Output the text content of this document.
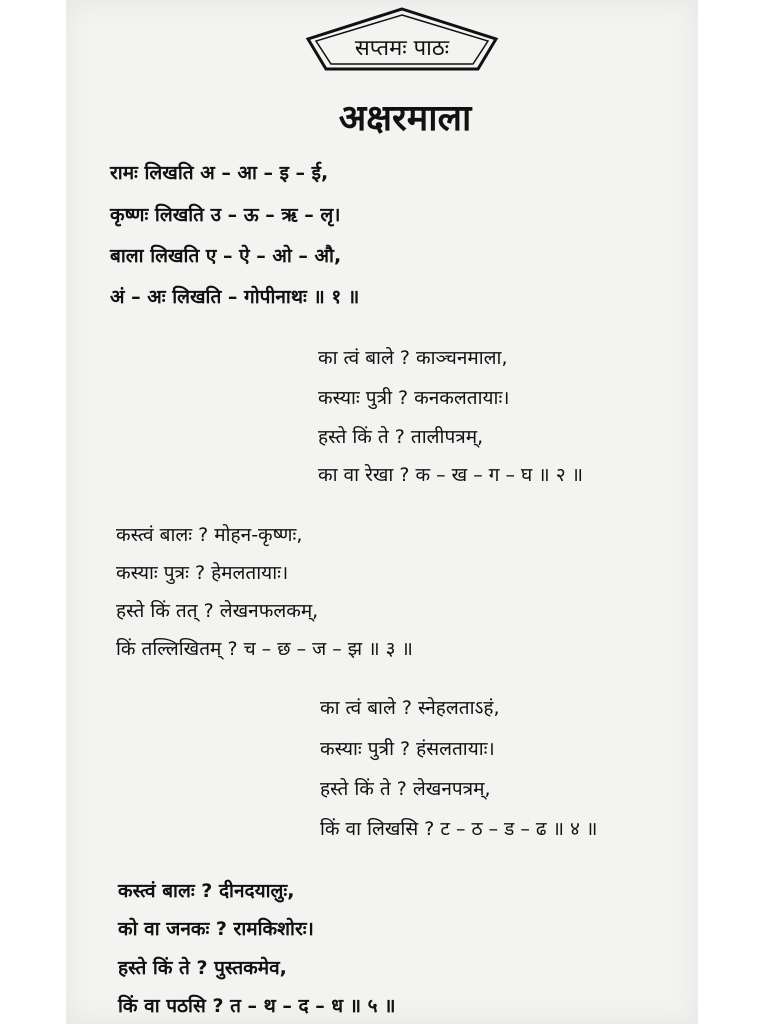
सप्तमः पाठः
अक्षरमाला
रामः लिखति अ – आ – इ – ई,
कृष्णः लिखति उ – ऊ – ऋ – लृ।
बाला लिखति ए – ऐ – ओ – औ,
अं – अः लिखति – गोपीनाथः ॥ १ ॥
का त्वं बाले ? काञ्चनमाला,
कस्याः पुत्री ? कनकलतायाः।
हस्ते किं ते ? तालीपत्रम्,
का वा रेखा ? क – ख – ग – घ ॥ २ ॥
कस्त्वं बालः ? मोहन-कृष्णः,
कस्याः पुत्रः ? हेमलतायाः।
हस्ते किं तत् ? लेखनफलकम्,
किं तल्लिखितम् ? च – छ – ज – झ ॥ ३ ॥
का त्वं बाले ? स्नेहलताऽहं,
कस्याः पुत्री ? हंसलतायाः।
हस्ते किं ते ? लेखनपत्रम्,
किं वा लिखसि ? ट – ठ – ड – ढ ॥ ४ ॥
कस्त्वं बालः ? दीनदयालुः,
को वा जनकः ? रामकिशोरः।
हस्ते किं ते ? पुस्तकमेव,
किं वा पठसि ? त – थ – द – ध ॥ ५ ॥
